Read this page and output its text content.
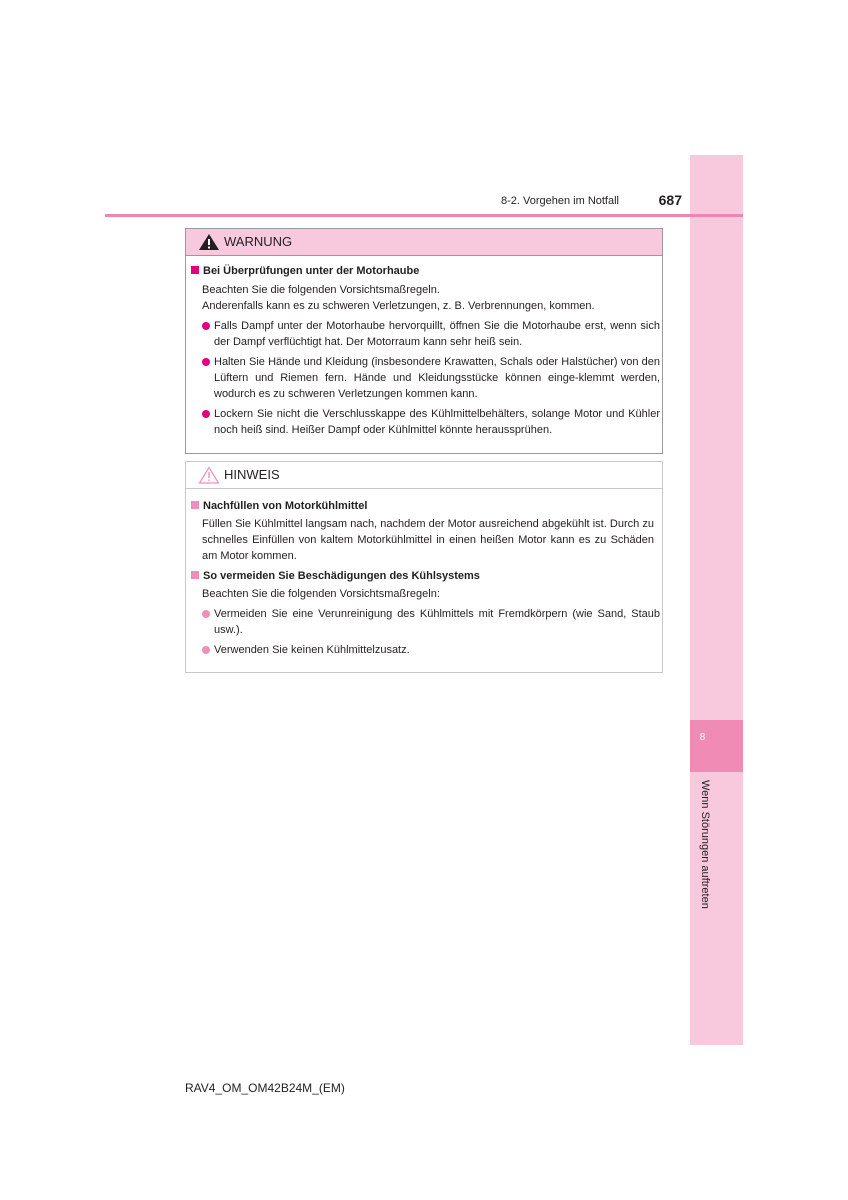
8
Wenn Störungen auftreten
8-2. Vorgehen im Notfall	687
WARNUNG
Bei Überprüfungen unter der Motorhaube
Beachten Sie die folgenden Vorsichtsmaßregeln.
Anderenfalls kann es zu schweren Verletzungen, z. B. Verbrennungen, kommen.
Falls Dampf unter der Motorhaube hervorquillt, öffnen Sie die Motorhaube erst, wenn sich der Dampf verflüchtigt hat. Der Motorraum kann sehr heiß sein.
Halten Sie Hände und Kleidung (insbesondere Krawatten, Schals oder Halstücher) von den Lüftern und Riemen fern. Hände und Kleidungsstücke können einge-klemmt werden, wodurch es zu schweren Verletzungen kommen kann.
Lockern Sie nicht die Verschlusskappe des Kühlmittelbehälters, solange Motor und Kühler noch heiß sind. Heißer Dampf oder Kühlmittel könnte heraussprühen.
HINWEIS
Nachfüllen von Motorkühlmittel
Füllen Sie Kühlmittel langsam nach, nachdem der Motor ausreichend abgekühlt ist. Durch zu schnelles Einfüllen von kaltem Motorkühlmittel in einen heißen Motor kann es zu Schäden am Motor kommen.
So vermeiden Sie Beschädigungen des Kühlsystems
Beachten Sie die folgenden Vorsichtsmaßregeln:
Vermeiden Sie eine Verunreinigung des Kühlmittels mit Fremdkörpern (wie Sand, Staub usw.).
Verwenden Sie keinen Kühlmittelzusatz.
RAV4_OM_OM42B24M_(EM)
